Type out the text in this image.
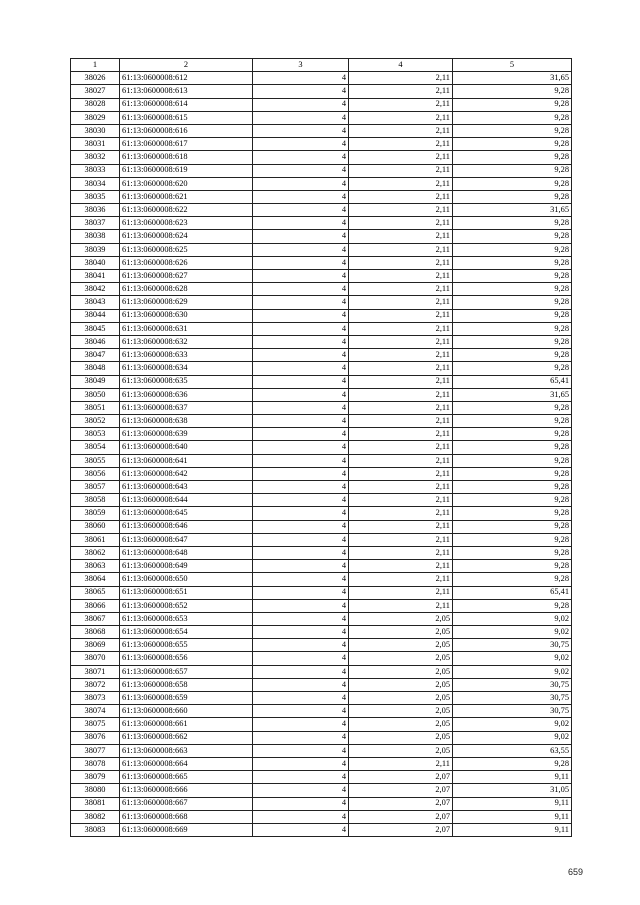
1	2	3	4	5
38026	61:13:0600008:612	4	2,11	31,65
38027	61:13:0600008:613	4	2,11	9,28
38028	61:13:0600008:614	4	2,11	9,28
38029	61:13:0600008:615	4	2,11	9,28
38030	61:13:0600008:616	4	2,11	9,28
38031	61:13:0600008:617	4	2,11	9,28
38032	61:13:0600008:618	4	2,11	9,28
38033	61:13:0600008:619	4	2,11	9,28
38034	61:13:0600008:620	4	2,11	9,28
38035	61:13:0600008:621	4	2,11	9,28
38036	61:13:0600008:622	4	2,11	31,65
38037	61:13:0600008:623	4	2,11	9,28
38038	61:13:0600008:624	4	2,11	9,28
38039	61:13:0600008:625	4	2,11	9,28
38040	61:13:0600008:626	4	2,11	9,28
38041	61:13:0600008:627	4	2,11	9,28
38042	61:13:0600008:628	4	2,11	9,28
38043	61:13:0600008:629	4	2,11	9,28
38044	61:13:0600008:630	4	2,11	9,28
38045	61:13:0600008:631	4	2,11	9,28
38046	61:13:0600008:632	4	2,11	9,28
38047	61:13:0600008:633	4	2,11	9,28
38048	61:13:0600008:634	4	2,11	9,28
38049	61:13:0600008:635	4	2,11	65,41
38050	61:13:0600008:636	4	2,11	31,65
38051	61:13:0600008:637	4	2,11	9,28
38052	61:13:0600008:638	4	2,11	9,28
38053	61:13:0600008:639	4	2,11	9,28
38054	61:13:0600008:640	4	2,11	9,28
38055	61:13:0600008:641	4	2,11	9,28
38056	61:13:0600008:642	4	2,11	9,28
38057	61:13:0600008:643	4	2,11	9,28
38058	61:13:0600008:644	4	2,11	9,28
38059	61:13:0600008:645	4	2,11	9,28
38060	61:13:0600008:646	4	2,11	9,28
38061	61:13:0600008:647	4	2,11	9,28
38062	61:13:0600008:648	4	2,11	9,28
38063	61:13:0600008:649	4	2,11	9,28
38064	61:13:0600008:650	4	2,11	9,28
38065	61:13:0600008:651	4	2,11	65,41
38066	61:13:0600008:652	4	2,11	9,28
38067	61:13:0600008:653	4	2,05	9,02
38068	61:13:0600008:654	4	2,05	9,02
38069	61:13:0600008:655	4	2,05	30,75
38070	61:13:0600008:656	4	2,05	9,02
38071	61:13:0600008:657	4	2,05	9,02
38072	61:13:0600008:658	4	2,05	30,75
38073	61:13:0600008:659	4	2,05	30,75
38074	61:13:0600008:660	4	2,05	30,75
38075	61:13:0600008:661	4	2,05	9,02
38076	61:13:0600008:662	4	2,05	9,02
38077	61:13:0600008:663	4	2,05	63,55
38078	61:13:0600008:664	4	2,11	9,28
38079	61:13:0600008:665	4	2,07	9,11
38080	61:13:0600008:666	4	2,07	31,05
38081	61:13:0600008:667	4	2,07	9,11
38082	61:13:0600008:668	4	2,07	9,11
38083	61:13:0600008:669	4	2,07	9,11
659
